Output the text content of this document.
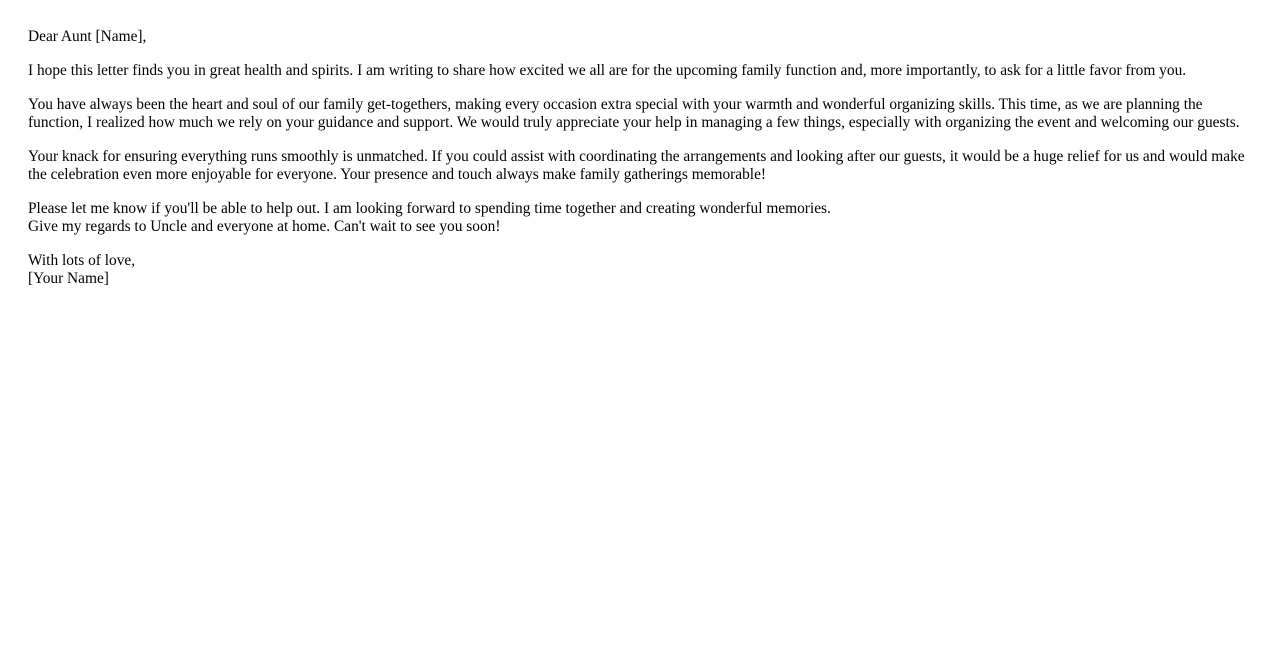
Dear Aunt [Name],

I hope this letter finds you in great health and spirits. I am writing to share how excited we all are for the upcoming family function and, more importantly, to ask for a little favor from you.

You have always been the heart and soul of our family get-togethers, making every occasion extra special with your warmth and wonderful organizing skills. This time, as we are planning the function, I realized how much we rely on your guidance and support. We would truly appreciate your help in managing a few things, especially with organizing the event and welcoming our guests.

Your knack for ensuring everything runs smoothly is unmatched. If you could assist with coordinating the arrangements and looking after our guests, it would be a huge relief for us and would make the celebration even more enjoyable for everyone. Your presence and touch always make family gatherings memorable!

Please let me know if you'll be able to help out. I am looking forward to spending time together and creating wonderful memories.
Give my regards to Uncle and everyone at home. Can't wait to see you soon!

With lots of love,
[Your Name]
